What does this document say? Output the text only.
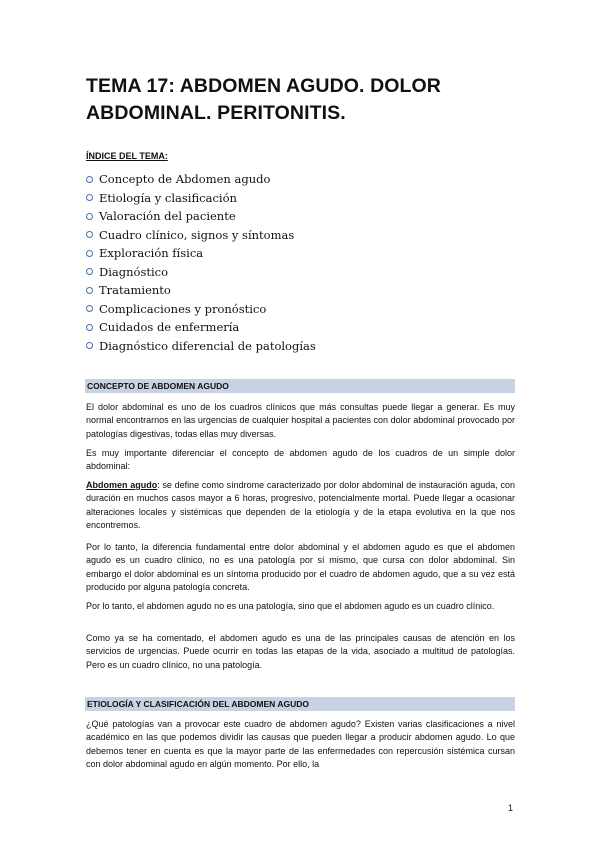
TEMA 17: ABDOMEN AGUDO. DOLOR ABDOMINAL. PERITONITIS.
ÍNDICE DEL TEMA:
Concepto de Abdomen agudo
Etiología y clasificación
Valoración del paciente
Cuadro clínico, signos y síntomas
Exploración física
Diagnóstico
Tratamiento
Complicaciones y pronóstico
Cuidados de enfermería
Diagnóstico diferencial de patologías
CONCEPTO DE ABDOMEN AGUDO

El dolor abdominal es uno de los cuadros clínicos que más consultas puede llegar a generar. Es muy normal encontrarnos en las urgencias de cualquier hospital a pacientes con dolor abdominal provocado por patologías digestivas, todas ellas muy diversas.

Es muy importante diferenciar el concepto de abdomen agudo de los cuadros de un simple dolor abdominal:

Abdomen agudo: se define como síndrome caracterizado por dolor abdominal de instauración aguda, con duración en muchos casos mayor a 6 horas, progresivo, potencialmente mortal. Puede llegar a ocasionar alteraciones locales y sistémicas que dependen de la etiología y de la etapa evolutiva en la que nos encontremos.

Por lo tanto, la diferencia fundamental entre dolor abdominal y el abdomen agudo es que el abdomen agudo es un cuadro clínico, no es una patología por sí mismo, que cursa con dolor abdominal. Sin embargo el dolor abdominal es un síntoma producido por el cuadro de abdomen agudo, que a su vez está producido por alguna patología concreta.

Por lo tanto, el abdomen agudo no es una patología, sino que el abdomen agudo es un cuadro clínico.

Como ya se ha comentado, el abdomen agudo es una de las principales causas de atención en los servicios de urgencias. Puede ocurrir en todas las etapas de la vida, asociado a multitud de patologías. Pero es un cuadro clínico, no una patología.

ETIOLOGÍA Y CLASIFICACIÓN DEL ABDOMEN AGUDO

¿Qué patologías van a provocar este cuadro de abdomen agudo? Existen varias clasificaciones a nivel académico en las que podemos dividir las causas que pueden llegar a producir abdomen agudo. Lo que debemos tener en cuenta es que la mayor parte de las enfermedades con repercusión sistémica cursan con dolor abdominal agudo en algún momento. Por ello, la

1
